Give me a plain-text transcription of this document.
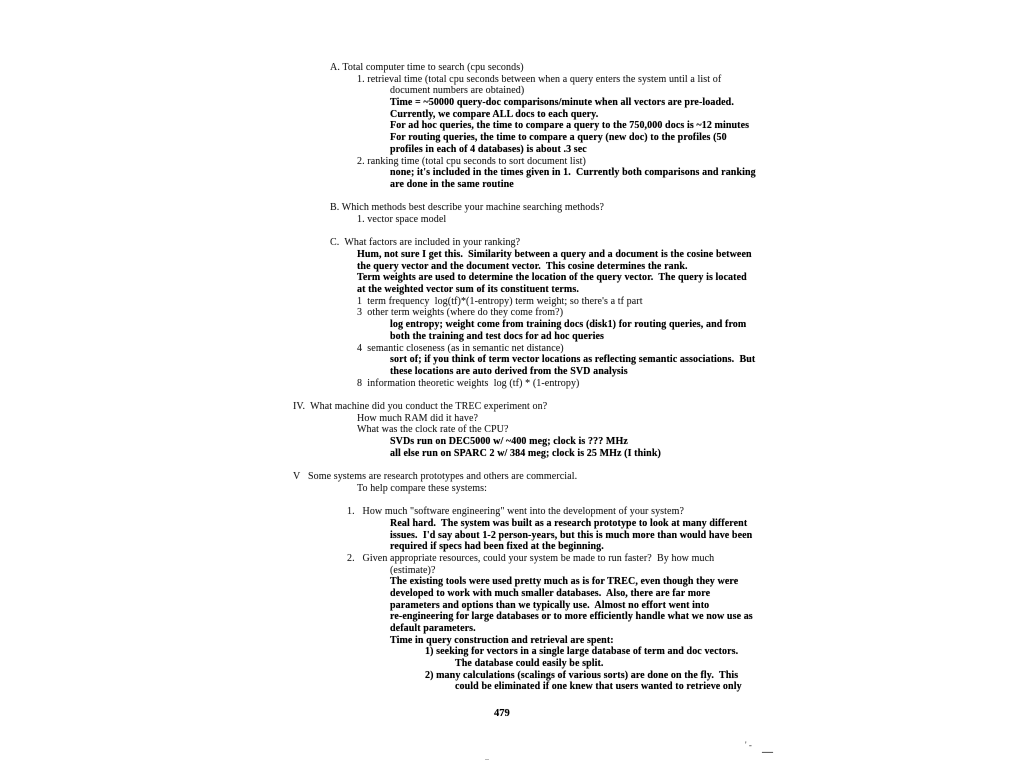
A. Total computer time to search (cpu seconds)
1. retrieval time (total cpu seconds between when a query enters the system until a list of
document numbers are obtained)
Time = ~50000 query-doc comparisons/minute when all vectors are pre-loaded.
Currently, we compare ALL docs to each query.
For ad hoc queries, the time to compare a query to the 750,000 docs is ~12 minutes
For routing queries, the time to compare a query (new doc) to the profiles (50
profiles in each of 4 databases) is about .3 sec
2. ranking time (total cpu seconds to sort document list)
none; it's included in the times given in 1.  Currently both comparisons and ranking
are done in the same routine
B. Which methods best describe your machine searching methods?
1. vector space model
C.  What factors are included in your ranking?
Hum, not sure I get this.  Similarity between a query and a document is the cosine between
the query vector and the document vector.  This cosine determines the rank.
Term weights are used to determine the location of the query vector.  The query is located
at the weighted vector sum of its constituent terms.
1  term frequency  log(tf)*(1-entropy) term weight; so there's a tf part
3  other term weights (where do they come from?)
log entropy; weight come from training docs (disk1) for routing queries, and from
both the training and test docs for ad hoc queries
4  semantic closeness (as in semantic net distance)
sort of; if you think of term vector locations as reflecting semantic associations.  But
these locations are auto derived from the SVD analysis
8  information theoretic weights  log (tf) * (1-entropy)
IV.  What machine did you conduct the TREC experiment on?
How much RAM did it have?
What was the clock rate of the CPU?
SVDs run on DEC5000 w/ ~400 meg; clock is ??? MHz
all else run on SPARC 2 w/ 384 meg; clock is 25 MHz (I think)
V   Some systems are research prototypes and others are commercial.
To help compare these systems:
1.   How much "software engineering" went into the development of your system?
Real hard.  The system was built as a research prototype to look at many different
issues.  I'd say about 1-2 person-years, but this is much more than would have been
required if specs had been fixed at the beginning.
2.   Given appropriate resources, could your system be made to run faster?  By how much
(estimate)?
The existing tools were used pretty much as is for TREC, even though they were
developed to work with much smaller databases.  Also, there are far more
parameters and options than we typically use.  Almost no effort went into
re-engineering for large databases or to more efficiently handle what we now use as
default parameters.
Time in query construction and retrieval are spent:
1) seeking for vectors in a single large database of term and doc vectors.
The database could easily be split.
2) many calculations (scalings of various sorts) are done on the fly.  This
could be eliminated if one knew that users wanted to retrieve only
479
..
' -
—
